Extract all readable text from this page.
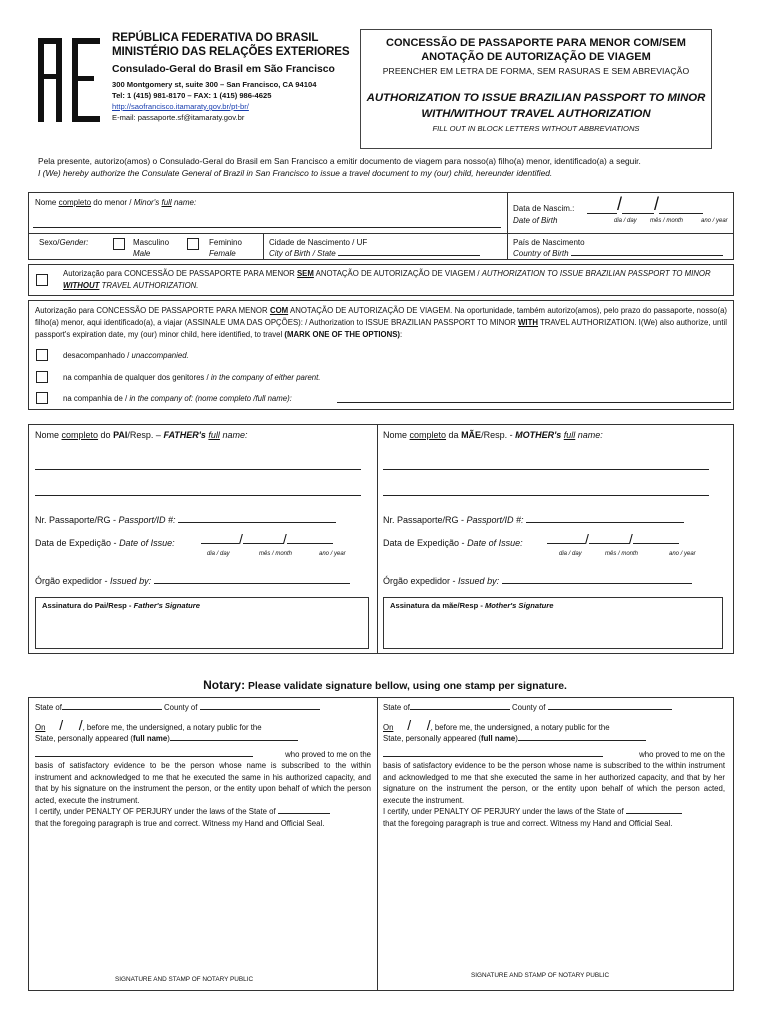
AE
REPÚBLICA FEDERATIVA DO BRASIL
MINISTÉRIO DAS RELAÇÕES EXTERIORES
Consulado-Geral do Brasil em São Francisco
300 Montgomery st, suite 300 – San Francisco, CA 94104
Tel: 1 (415) 981-8170 – FAX: 1 (415) 986-4625
http://saofrancisco.itamaraty.gov.br/pt-br/
E-mail: passaporte.sf@itamaraty.gov.br
CONCESSÃO DE PASSAPORTE PARA MENOR COM/SEM ANOTAÇÃO DE AUTORIZAÇÃO DE VIAGEM
PREENCHER EM LETRA DE FORMA, SEM RASURAS E SEM ABREVIAÇÃO
AUTHORIZATION TO ISSUE BRAZILIAN PASSPORT TO MINOR WITH/WITHOUT TRAVEL AUTHORIZATION
FILL OUT IN BLOCK LETTERS WITHOUT ABBREVIATIONS
Pela presente, autorizo(amos) o Consulado-Geral do Brasil em San Francisco a emitir documento de viagem para nosso(a) filho(a) menor, identificado(a) a seguir.
I (We) hereby authorize the Consulate General of Brazil in San Francisco to issue a travel document to my (our) child, hereunder identified.
Nome completo do menor / Minor's full name:
Data de Nascim.:
Date of Birth
/ /
dia / day mês / month	ano / year
Sexo/Gender:	Masculino
Male
Feminino
Female
Cidade de Nascimento / UF
City of Birth / State
País de Nascimento
Country of Birth
Autorização para CONCESSÃO DE PASSAPORTE PARA MENOR SEM ANOTAÇÃO DE AUTORIZAÇÃO DE VIAGEM / AUTHORIZATION TO ISSUE BRAZILIAN PASSPORT TO MINOR WITHOUT TRAVEL AUTHORIZATION.
Autorização para CONCESSÃO DE PASSAPORTE PARA MENOR COM ANOTAÇÃO DE AUTORIZAÇÃO DE VIAGEM. Na oportunidade, também autorizo(amos), pelo prazo do passaporte, nosso(a) filho(a) menor, aqui identificado(a), a viajar (ASSINALE UMA DAS OPÇÕES): / Authorization to ISSUE BRAZILIAN PASSPORT TO MINOR WITH TRAVEL AUTHORIZATION. I(We) also authorize, until passport's expiration date, my (our) minor child, here identified, to travel (MARK ONE OF THE OPTIONS):
desacompanhado / unaccompanied.
na companhia de qualquer dos genitores / in the company of either parent.
na companhia de / in the company of: (nome completo /full name):
Nome completo do PAI/Resp. – FATHER's full name:
Nr. Passaporte/RG - Passport/ID #:
Data de Expedição - Date of Issue:	/	/
dia / day	mês / month	ano / year
Órgão expedidor - Issued by:
Assinatura do Pai/Resp - Father's Signature
Nome completo da MÃE/Resp. - MOTHER's full name:
Nr. Passaporte/RG - Passport/ID #:
Data de Expedição - Date of Issue:	/	/
dia / day	mês / month	ano / year
Órgão expedidor - Issued by:
Assinatura da mãe/Resp - Mother's Signature
Notary: Please validate signature bellow, using one stamp per signature.
State of	County of
On    /    /, before me, the undersigned, a notary public for the
State, personally appeared (full name)
who proved to me on the
basis of satisfactory evidence to be the person whose name is subscribed to the within instrument and acknowledged to me that he executed the same in his authorized capacity, and that by his signature on the instrument the person, or the entity upon behalf of which the person acted, execute the instrument.
I certify, under PENALTY OF PERJURY under the laws of the State of
that the foregoing paragraph is true and correct. Witness my Hand and Official Seal.
SIGNATURE AND STAMP OF NOTARY PUBLIC
State of	County of
On    /    /, before me, the undersigned, a notary public for the
State, personally appeared (full name)
who proved to me on the
basis of satisfactory evidence to be the person whose name is subscribed to the within instrument and acknowledged to me that she executed the same in her authorized capacity, and that by her signature on the instrument the person, or the entity upon behalf of which the person acted, execute the instrument.
I certify, under PENALTY OF PERJURY under the laws of the State of
that the foregoing paragraph is true and correct. Witness my Hand and Official Seal.
SIGNATURE AND STAMP OF NOTARY PUBLIC
